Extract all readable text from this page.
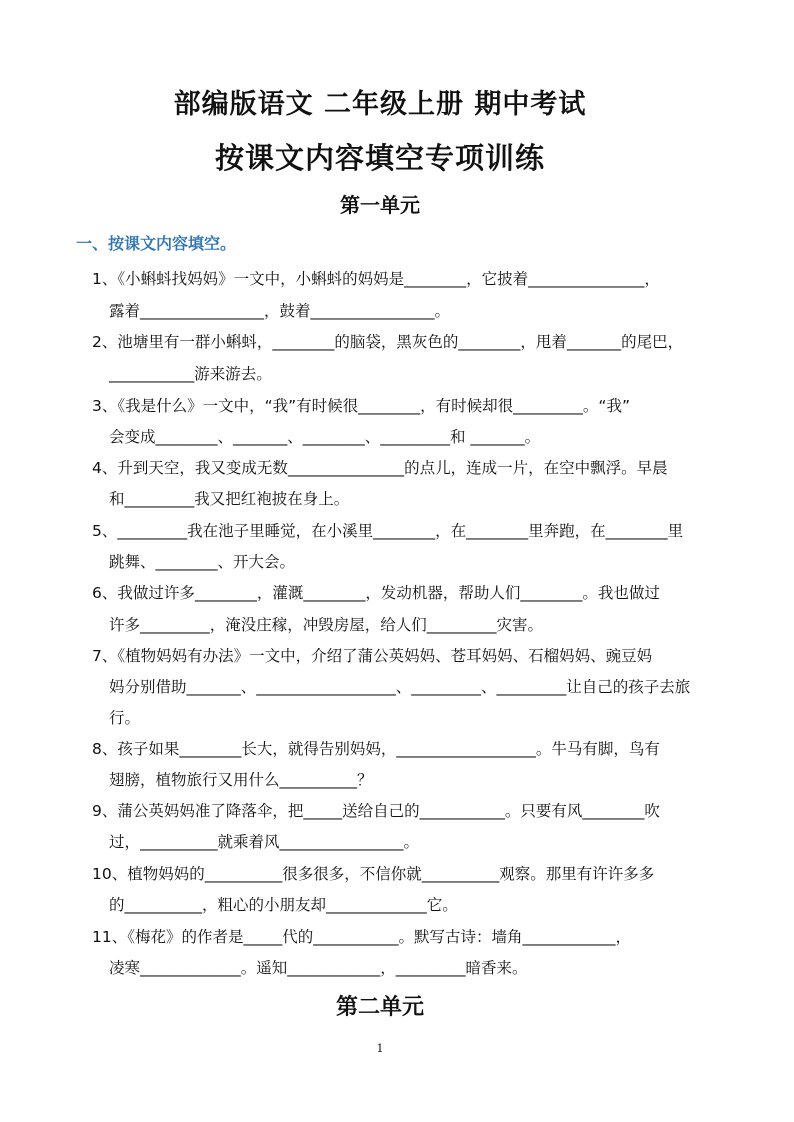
部编版语文 二年级上册 期中考试
按课文内容填空专项训练
第一单元
一、按课文内容填空。
1、《小蝌蚪找妈妈》一文中，小蝌蚪的妈妈是________，它披着_______________，
露着________________，鼓着________________。
2、池塘里有一群小蝌蚪，________的脑袋，黑灰色的________，甩着_______的尾巴，
___________游来游去。
3、《我是什么》一文中，“我”有时候很________，有时候却很_________。“我”
会变成________、_______、________、_________和 _______。
4、升到天空，我又变成无数_______________的点儿，连成一片，在空中飘浮。早晨
和_________我又把红袍披在身上。
5、_________我在池子里睡觉，在小溪里________，在________里奔跑，在________里
跳舞、________、开大会。
6、我做过许多________，灌溉________，发动机器，帮助人们________。我也做过
许多_________，淹没庄稼，冲毁房屋，给人们_________灾害。
7、《植物妈妈有办法》一文中，介绍了蒲公英妈妈、苍耳妈妈、石榴妈妈、豌豆妈
妈分别借助_______、__________________、_________、_________让自己的孩子去旅
行。
8、孩子如果________长大，就得告别妈妈，__________________。牛马有脚，鸟有
翅膀，植物旅行又用什么__________？
9、蒲公英妈妈准了降落伞，把_____送给自己的___________。只要有风________吹
过，__________就乘着风________________。
10、植物妈妈的__________很多很多，不信你就__________观察。那里有许许多多
的__________，粗心的小朋友却_____________它。
11、《梅花》的作者是_____代的___________。默写古诗：墙角____________，
凌寒_____________。遥知____________，_________暗香来。
第二单元
1
